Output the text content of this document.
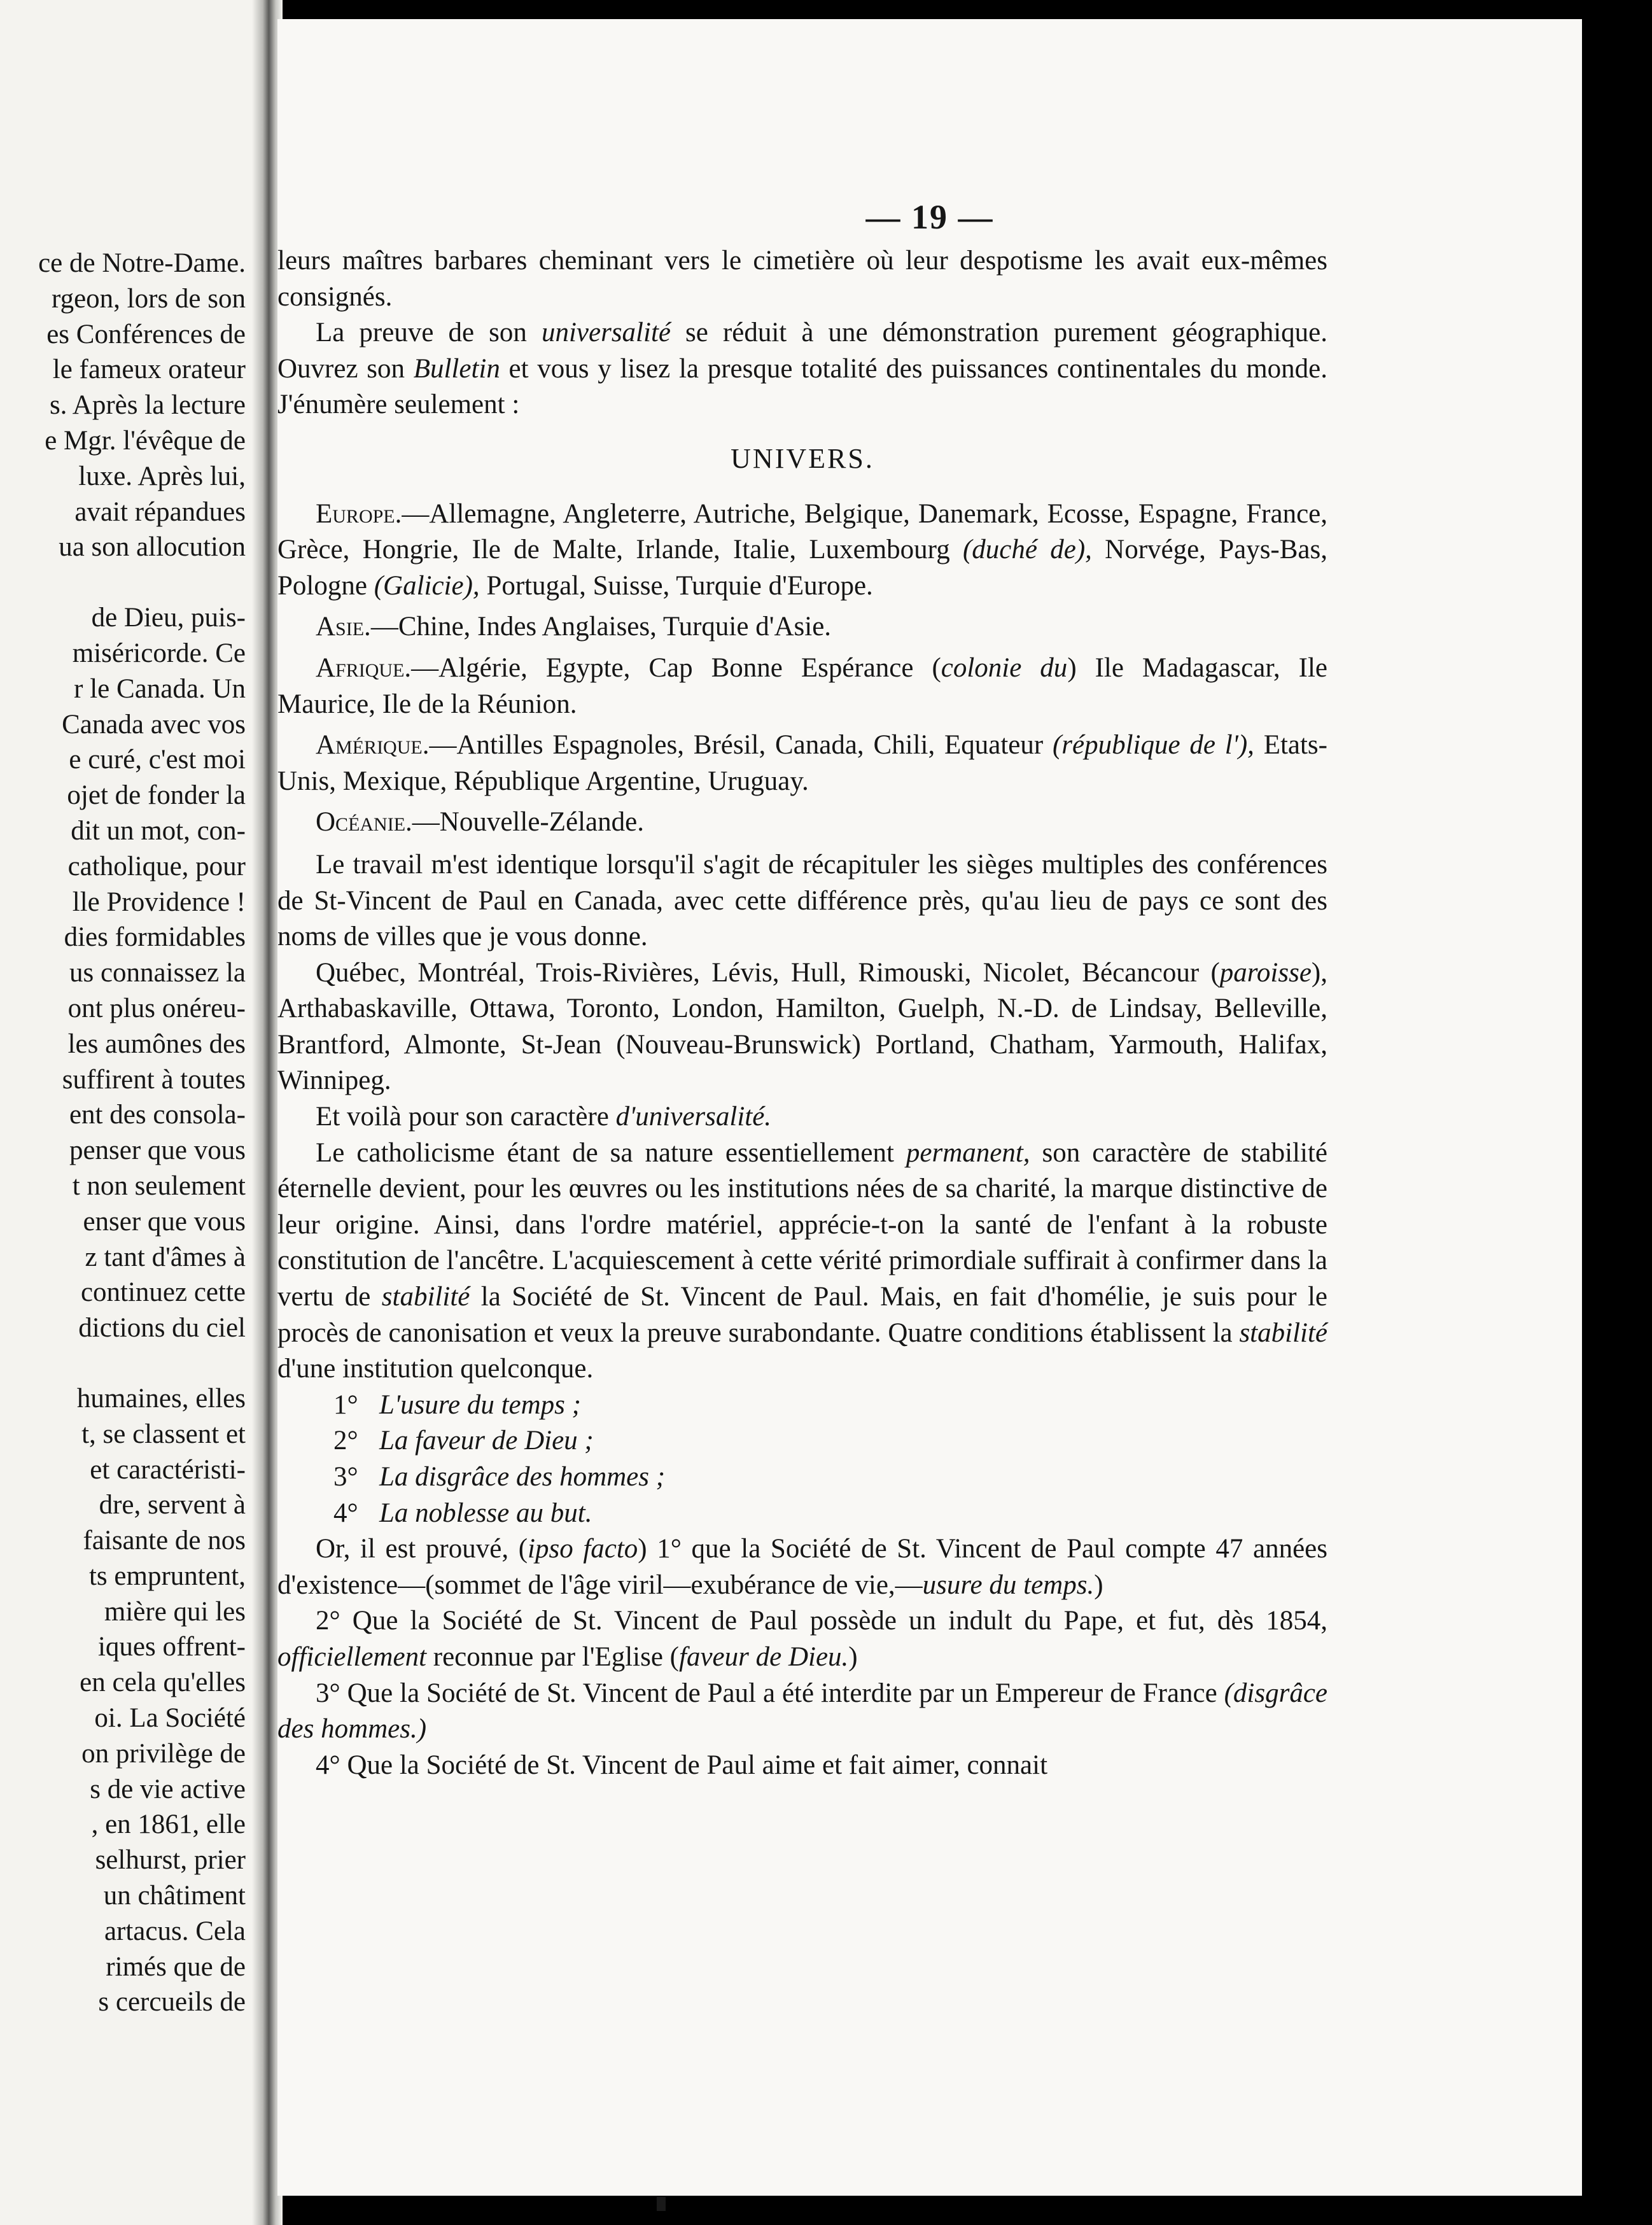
ce de Notre-Dame.
rgeon, lors de son
es Conférences de
le fameux orateur
s. Après la lecture
e Mgr. l'évêque de
luxe. Après lui,
avait répandues
ua son allocution
de Dieu, puis-
miséricorde. Ce
r le Canada. Un
Canada avec vos
e curé, c'est moi
ojet de fonder la
dit un mot, con-
catholique, pour
lle Providence !
dies formidables
us connaissez la
ont plus onéreu-
les aumônes des
suffirent à toutes
ent des consola-
penser que vous
t non seulement
enser que vous
z tant d'âmes à
continuez cette
dictions du ciel
humaines, elles
t, se classent et
et caractéristi-
dre, servent à
faisante de nos
ts empruntent,
mière qui les
iques offrent-
en cela qu'elles
oi. La Société
on privilège de
s de vie active
, en 1861, elle
selhurst, prier
un châtiment
artacus. Cela
rimés que de
s cercueils de
— 19 —

leurs maîtres barbares cheminant vers le cimetière où leur despotisme les avait eux-mêmes consignés.

La preuve de son universalité se réduit à une démonstration purement géographique. Ouvrez son Bulletin et vous y lisez la presque totalité des puissances continentales du monde. J'énumère seulement :

UNIVERS.

Europe.—Allemagne, Angleterre, Autriche, Belgique, Danemark, Ecosse, Espagne, France, Grèce, Hongrie, Ile de Malte, Irlande, Italie, Luxembourg (duché de), Norvége, Pays-Bas, Pologne (Galicie), Portugal, Suisse, Turquie d'Europe.

Asie.—Chine, Indes Anglaises, Turquie d'Asie.

Afrique.—Algérie, Egypte, Cap Bonne Espérance (colonie du) Ile Madagascar, Ile Maurice, Ile de la Réunion.

Amérique.—Antilles Espagnoles, Brésil, Canada, Chili, Equateur (république de l'), Etats-Unis, Mexique, République Argentine, Uruguay.

Océanie.—Nouvelle-Zélande.

Le travail m'est identique lorsqu'il s'agit de récapituler les sièges multiples des conférences de St-Vincent de Paul en Canada, avec cette différence près, qu'au lieu de pays ce sont des noms de villes que je vous donne.

Québec, Montréal, Trois-Rivières, Lévis, Hull, Rimouski, Nicolet, Bécancour (paroisse), Arthabaskaville, Ottawa, Toronto, London, Hamilton, Guelph, N.-D. de Lindsay, Belleville, Brantford, Almonte, St-Jean (Nouveau-Brunswick) Portland, Chatham, Yarmouth, Halifax, Winnipeg.

Et voilà pour son caractère d'universalité.

Le catholicisme étant de sa nature essentiellement permanent, son caractère de stabilité éternelle devient, pour les œuvres ou les institutions nées de sa charité, la marque distinctive de leur origine. Ainsi, dans l'ordre matériel, apprécie-t-on la santé de l'enfant à la robuste constitution de l'ancêtre. L'acquiescement à cette vérité primordiale suffirait à confirmer dans la vertu de stabilité la Société de St. Vincent de Paul. Mais, en fait d'homélie, je suis pour le procès de canonisation et veux la preuve surabondante. Quatre conditions établissent la stabilité d'une institution quelconque.

1° L'usure du temps ;
2° La faveur de Dieu ;
3° La disgrâce des hommes ;
4° La noblesse au but.

Or, il est prouvé, (ipso facto) 1° que la Société de St. Vincent de Paul compte 47 années d'existence—(sommet de l'âge viril—exubérance de vie,—usure du temps.)

2° Que la Société de St. Vincent de Paul possède un indult du Pape, et fut, dès 1854, officiellement reconnue par l'Eglise (faveur de Dieu.)

3° Que la Société de St. Vincent de Paul a été interdite par un Empereur de France (disgrâce des hommes.)

4° Que la Société de St. Vincent de Paul aime et fait aimer, connait
